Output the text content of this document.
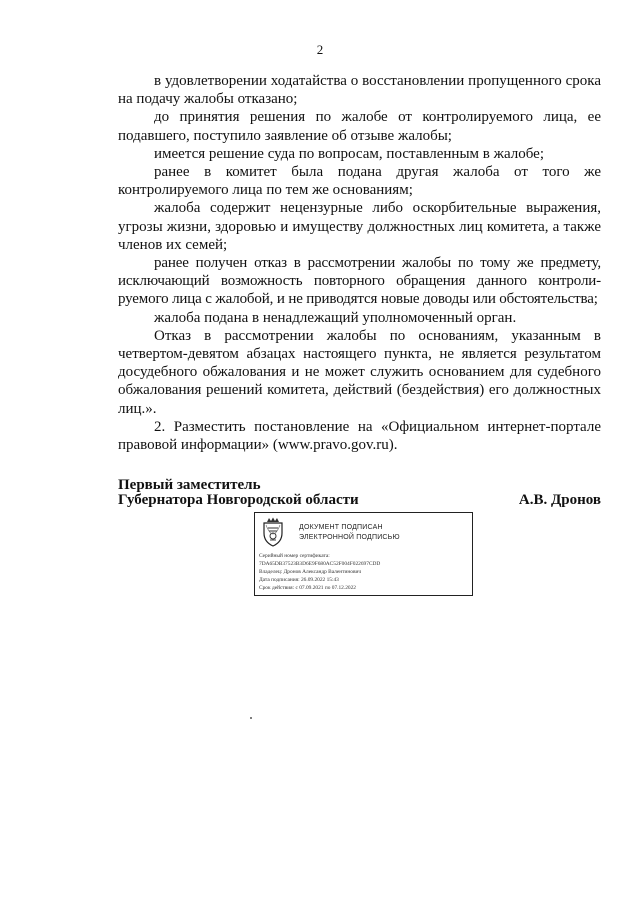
2

в удовлетворении ходатайства о восстановлении пропущенного срока на подачу жалобы отказано;

до принятия решения по жалобе от контролируемого лица, ее подавшего, поступило заявление об отзыве жалобы;

имеется решение суда по вопросам, поставленным в жалобе;

ранее в комитет была подана другая жалоба от того же контролируемого лица по тем же основаниям;

жалоба содержит нецензурные либо оскорбительные выражения, угрозы жизни, здоровью и имуществу должностных лиц комитета, а также членов их семей;

ранее получен отказ в рассмотрении жалобы по тому же предмету, исключающий возможность повторного обращения данного контроли-руемого лица с жалобой, и не приводятся новые доводы или обстоятельства;

жалоба подана в ненадлежащий уполномоченный орган.

Отказ в рассмотрении жалобы по основаниям, указанным в четвертом-девятом абзацах настоящего пункта, не является результатом досудебного обжалования и не может служить основанием для судебного обжалования решений комитета, действий (бездействия) его должностных лиц.».

2. Разместить постановление на «Официальном интернет-портале правовой информации» (www.pravo.gov.ru).

Первый заместитель
Губернатора Новгородской области	А.В. Дронов
ДОКУМЕНТ ПОДПИСАН
ЭЛЕКТРОННОЙ ПОДПИСЬЮ
Серийный номер сертификата:
7DA65DB37523B3D6E9F680AC52F004F022697CDD
Владелец: Дронов Александр Валентинович
Дата подписания: 26.09.2022 15:43
Срок действия: с 07.09.2021 по 07.12.2022
